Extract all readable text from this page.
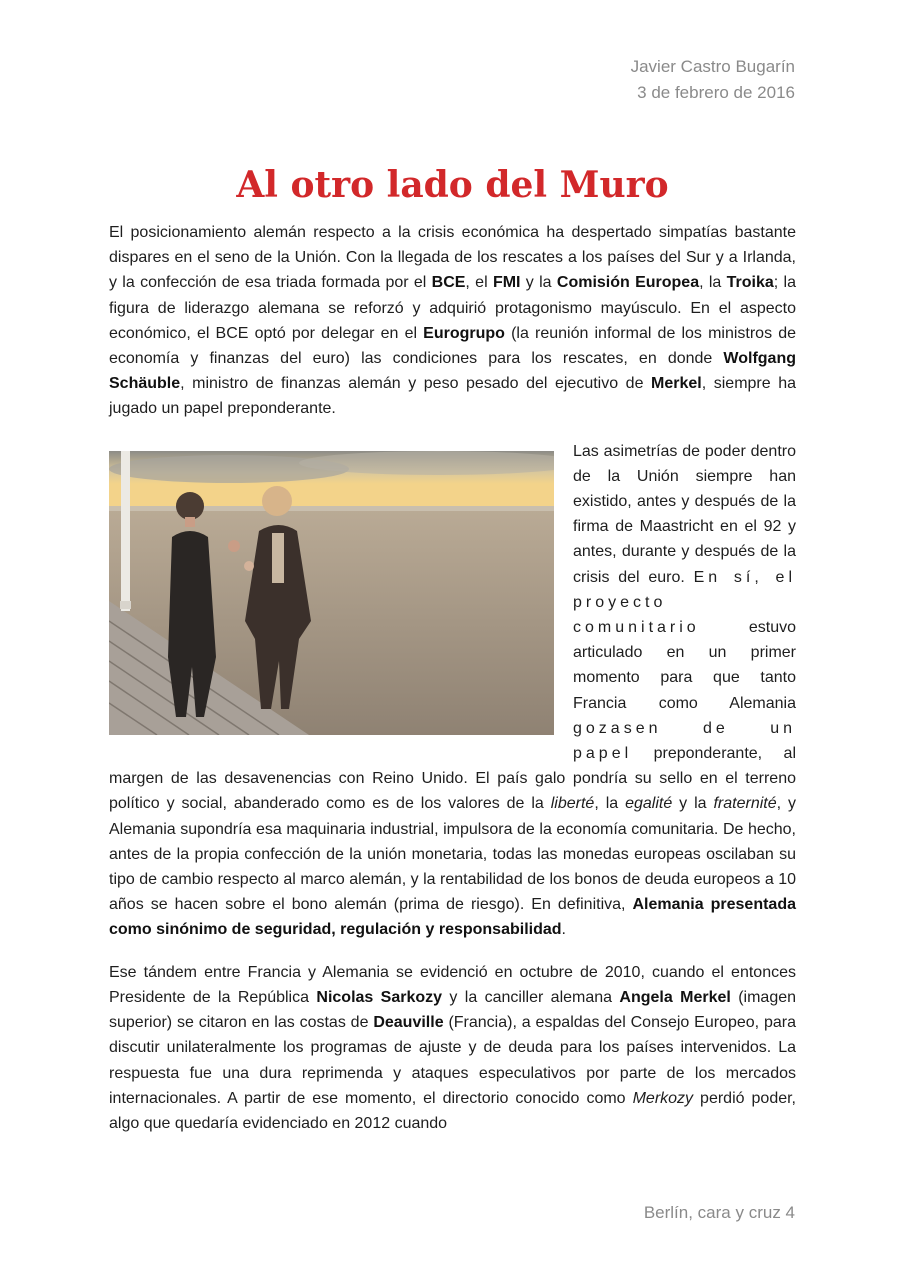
Javier Castro Bugarín
3 de febrero de 2016
Al otro lado del Muro

El posicionamiento alemán respecto a la crisis económica ha despertado simpatías bastante dispares en el seno de la Unión. Con la llegada de los rescates a los países del Sur y a Irlanda, y la confección de esa triada formada por el BCE, el FMI y la Comisión Europea, la Troika; la figura de liderazgo alemana se reforzó y adquirió protagonismo mayúsculo. En el aspecto económico, el BCE optó por delegar en el Eurogrupo (la reunión informal de los ministros de economía y finanzas del euro) las condiciones para los rescates, en donde Wolfgang Schäuble, ministro de finanzas alemán y peso pesado del ejecutivo de Merkel, siempre ha jugado un papel preponderante.

Las asimetrías de poder dentro de la Unión siempre han existido, antes y después de la firma de Maastricht en el 92 y antes, durante y después de la crisis del euro. En sí, el proyecto comunitario estuvo articulado en un primer momento para que tanto Francia como Alemania gozasen de un papel preponderante, al margen de las desavenencias con Reino Unido. El país galo pondría su sello en el terreno político y social, abanderado como es de los valores de la liberté, la egalité y la fraternité, y Alemania supondría esa maquinaria industrial, impulsora de la economía comunitaria. De hecho, antes de la propia confección de la unión monetaria, todas las monedas europeas oscilaban su tipo de cambio respecto al marco alemán, y la rentabilidad de los bonos de deuda europeos a 10 años se hacen sobre el bono alemán (prima de riesgo). En definitiva, Alemania presentada como sinónimo de seguridad, regulación y responsabilidad.

Ese tándem entre Francia y Alemania se evidenció en octubre de 2010, cuando el entonces Presidente de la República Nicolas Sarkozy y la canciller alemana Angela Merkel (imagen superior) se citaron en las costas de Deauville (Francia), a espaldas del Consejo Europeo, para discutir unilateralmente los programas de ajuste y de deuda para los países intervenidos. La respuesta fue una dura reprimenda y ataques especulativos por parte de los mercados internacionales. A partir de ese momento, el directorio conocido como Merkozy perdió poder, algo que quedaría evidenciado en 2012 cuando

Berlín, cara y cruz 4
